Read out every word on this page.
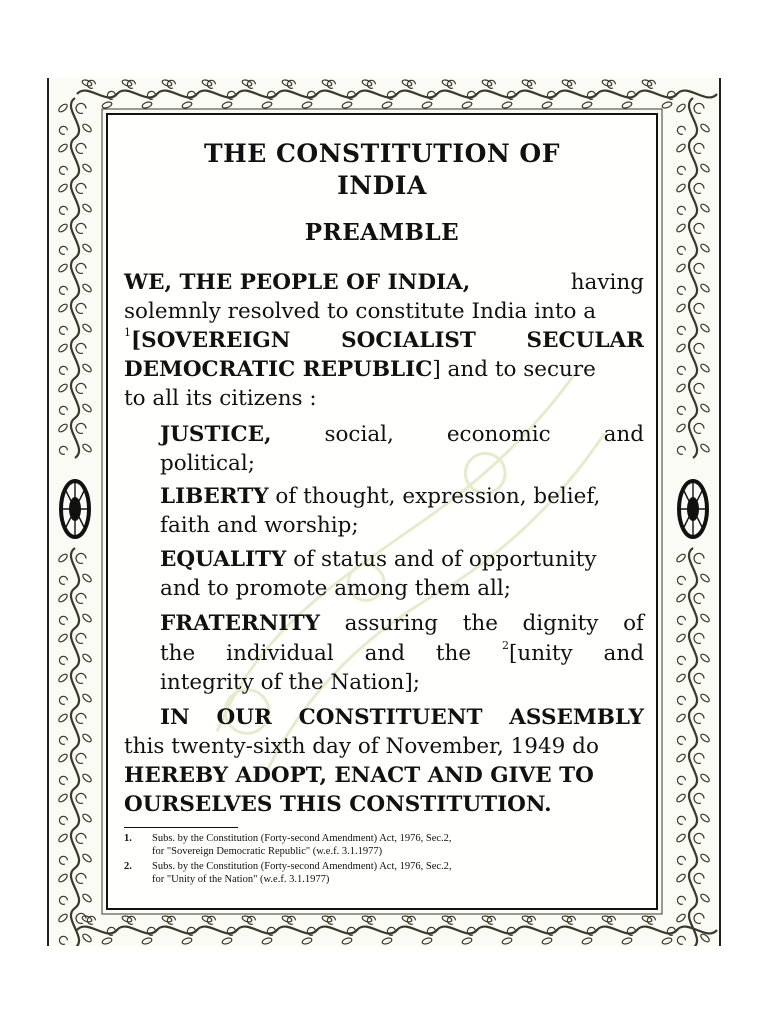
THE CONSTITUTION OF
INDIA
PREAMBLE
WE, THE PEOPLE OF INDIA,	having
solemnly resolved to constitute India into a
$^1$[SOVEREIGN SOCIALIST SECULAR
DEMOCRATIC REPUBLIC] and to secure
to all its citizens :
JUSTICE, social, economic and
political;
LIBERTY of thought, expression, belief,
faith and worship;
EQUALITY of status and of opportunity
and to promote among them all;
FRATERNITY assuring the dignity of
the individual and the	$^2$[unity and
integrity of the Nation];
IN OUR CONSTITUENT ASSEMBLY
this twenty-sixth day of November, 1949 do
HEREBY ADOPT, ENACT AND GIVE TO
OURSELVES THIS CONSTITUTION.
1. Subs. by the Constitution (Forty-second Amendment) Act, 1976, Sec.2,
for "Sovereign Democratic Republic" (w.e.f. 3.1.1977)
2. Subs. by the Constitution (Forty-second Amendment) Act, 1976, Sec.2,
for "Unity of the Nation" (w.e.f. 3.1.1977)
